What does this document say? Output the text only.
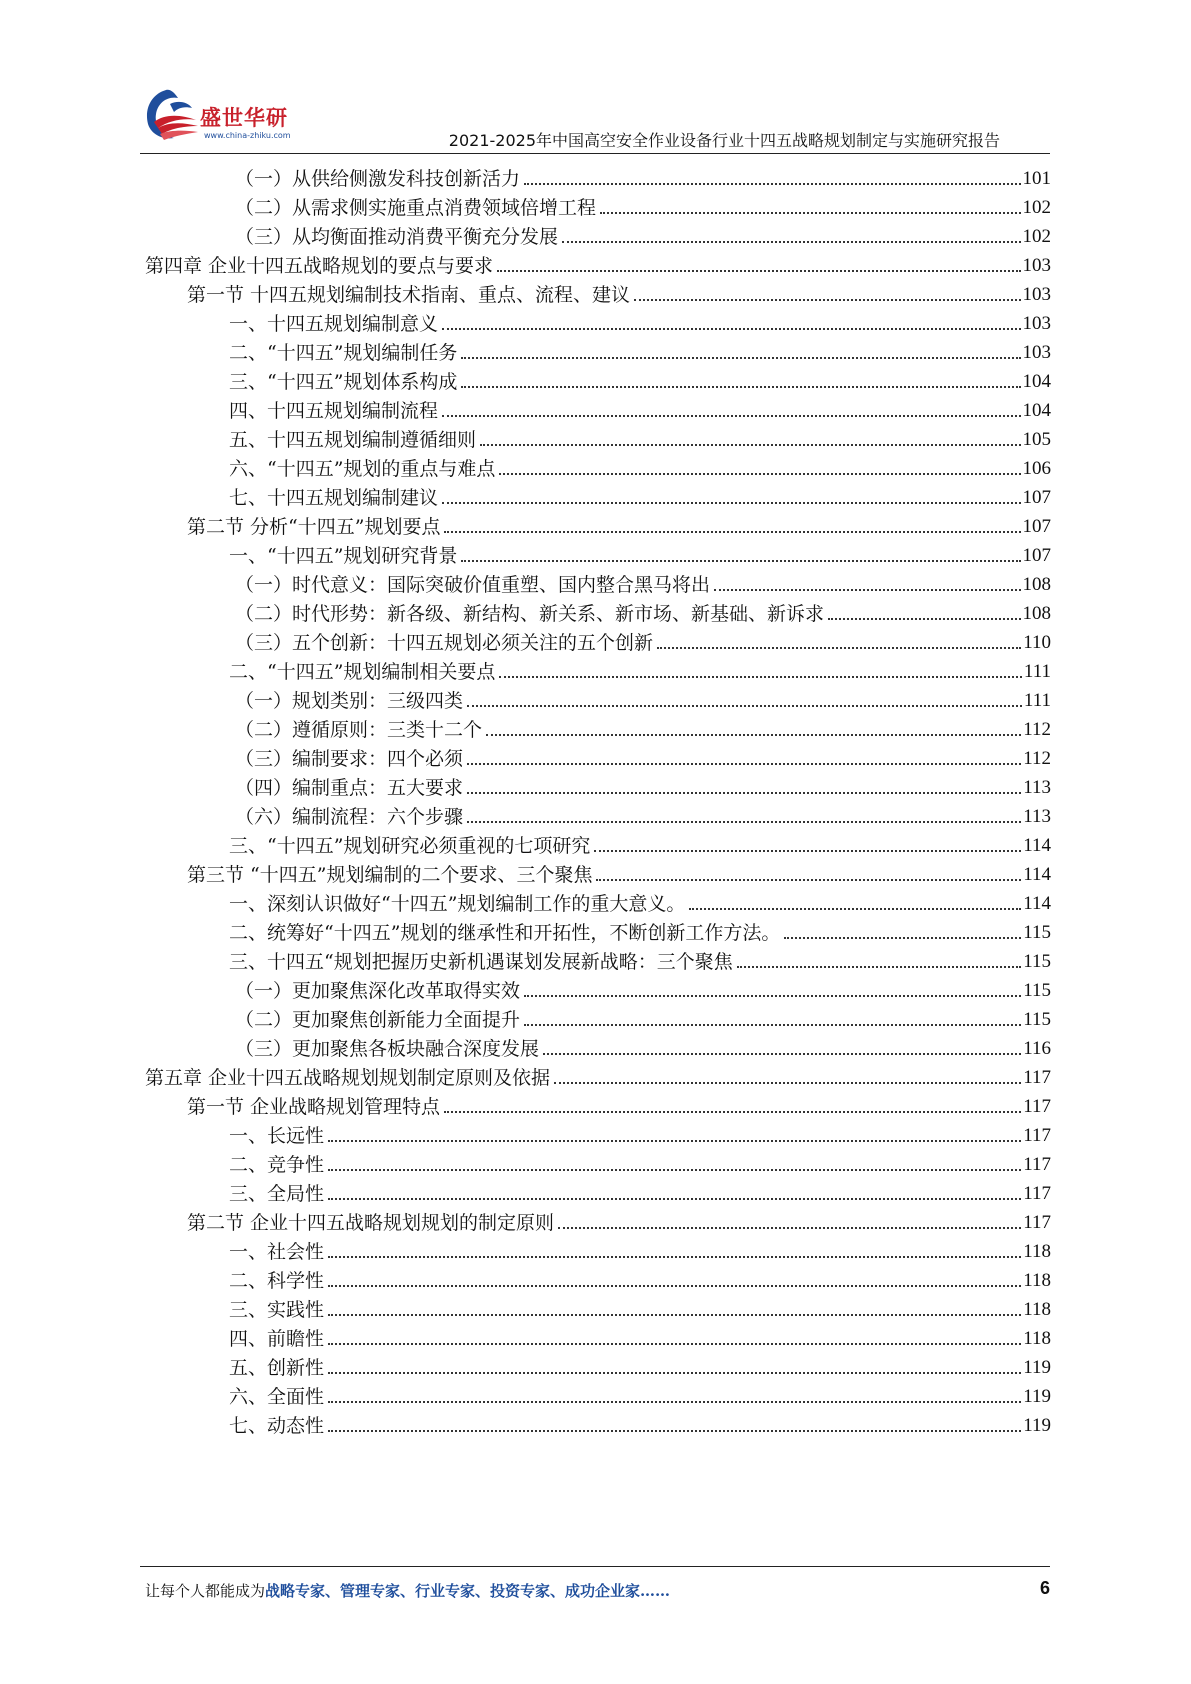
盛世华研
www.china-zhiku.com	2021-2025年中国高空安全作业设备行业十四五战略规划制定与实施研究报告
（一）从供给侧激发科技创新活力	101
（二）从需求侧实施重点消费领域倍增工程	102
（三）从均衡面推动消费平衡充分发展	102
第四章 企业十四五战略规划的要点与要求	103
第一节 十四五规划编制技术指南、重点、流程、建议	103
一、十四五规划编制意义	103
二、“十四五”规划编制任务	103
三、“十四五”规划体系构成	104
四、十四五规划编制流程	104
五、十四五规划编制遵循细则	105
六、“十四五”规划的重点与难点	106
七、十四五规划编制建议	107
第二节 分析“十四五”规划要点	107
一、“十四五”规划研究背景	107
（一）时代意义：国际突破价值重塑、国内整合黑马将出	108
（二）时代形势：新各级、新结构、新关系、新市场、新基础、新诉求	108
（三）五个创新：十四五规划必须关注的五个创新	110
二、“十四五”规划编制相关要点	111
（一）规划类别：三级四类	111
（二）遵循原则：三类十二个	112
（三）编制要求：四个必须	112
（四）编制重点：五大要求	113
（六）编制流程：六个步骤	113
三、“十四五”规划研究必须重视的七项研究	114
第三节 “十四五”规划编制的二个要求、三个聚焦	114
一、深刻认识做好“十四五”规划编制工作的重大意义。	114
二、统筹好“十四五”规划的继承性和开拓性，不断创新工作方法。	115
三、十四五“规划把握历史新机遇谋划发展新战略：三个聚焦	115
（一）更加聚焦深化改革取得实效	115
（二）更加聚焦创新能力全面提升	115
（三）更加聚焦各板块融合深度发展	116
第五章 企业十四五战略规划规划制定原则及依据	117
第一节 企业战略规划管理特点	117
一、长远性	117
二、竞争性	117
三、全局性	117
第二节 企业十四五战略规划规划的制定原则	117
一、社会性	118
二、科学性	118
三、实践性	118
四、前瞻性	118
五、创新性	119
六、全面性	119
七、动态性	119
让每个人都能成为战略专家、管理专家、行业专家、投资专家、成功企业家……	6
